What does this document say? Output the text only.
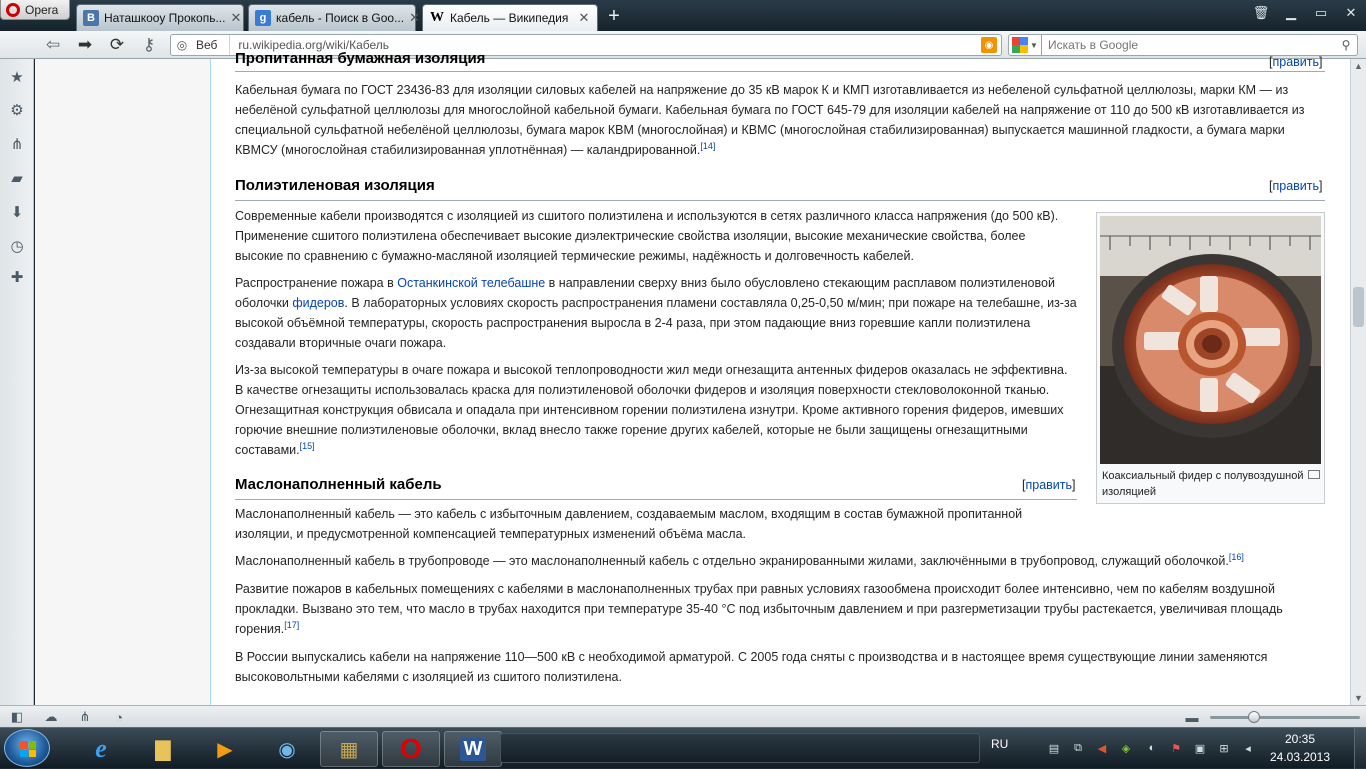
Opera
B Наташкооу Прокопь... ✕	g кабель - Поиск в Goo... ✕ W Кабель — Википедия ✕ +	🗑	▁	▭	✕
⇦ ➡ ⟳ ⚷	◎ Веб	ru.wikipedia.org/wiki/Кабель	◉	▼
Искать в Google	⚲
★
⚙
⋔
▰
⬇
◷
✚
Пропитанная бумажная изоляция	[править]
Кабельная бумага по ГОСТ 23436-83 для изоляции силовых кабелей на напряжение до 35 кВ марок К и КМП изготавливается из небеленой сульфатной целлюлозы, марки КМ — из небелёной сульфатной целлюлозы для многослойной кабельной бумаги. Кабельная бумага по ГОСТ 645-79 для изоляции кабелей на напряжение от 110 до 500 кВ изготавливается из специальной сульфатной небелёной целлюлозы, бумага марок КВМ (многослойная) и КВМС (многослойная стабилизированная) выпускается машинной гладкости, а бумага марки КВМСУ (многослойная стабилизированная уплотнённая) — каландрированной.[14]
Полиэтиленовая изоляция	[править]
Современные кабели производятся с изоляцией из сшитого полиэтилена и используются в сетях различного класса напряжения (до 500 кВ). Применение сшитого полиэтилена обеспечивает высокие диэлектрические свойства изоляции, высокие механические свойства, более высокие по сравнению с бумажно-масляной изоляцией термические режимы, надёжность и долговечность кабелей.
Распространение пожара в Останкинской телебашне в направлении сверху вниз было обусловлено стекающим расплавом полиэтиленовой оболочки фидеров. В лабораторных условиях скорость распространения пламени составляла 0,25-0,50 м/мин; при пожаре на телебашне, из-за высокой объёмной температуры, скорость распространения выросла в 2-4 раза, при этом падающие вниз горевшие капли полиэтилена создавали вторичные очаги пожара.
Из-за высокой температуры в очаге пожара и высокой теплопроводности жил меди огнезащита антенных фидеров оказалась не эффективна. В качестве огнезащиты использовалась краска для полиэтиленовой оболочки фидеров и изоляция поверхности стекловолоконной тканью. Огнезащитная конструкция обвисала и опадала при интенсивном горении полиэтилена изнутри. Кроме активного горения фидеров, имевших горючие внешние полиэтиленовые оболочки, вклад внесло также горение других кабелей, которые не были защищены огнезащитными составами.[15]
Коаксиальный фидер с полувоздушной изоляцией
Маслонаполненный кабель	[править]
Маслонаполненный кабель — это кабель с избыточным давлением, создаваемым маслом, входящим в состав бумажной пропитанной изоляции, и предусмотренной компенсацией температурных изменений объёма масла.
Маслонаполненный кабель в трубопроводе — это маслонаполненный кабель с отдельно экранированными жилами, заключёнными в трубопровод, служащий оболочкой.[16]
Развитие пожаров в кабельных помещениях с кабелями в маслонаполненных трубах при равных условиях газообмена происходит более интенсивно, чем по кабелям воздушной прокладки. Вызвано это тем, что масло в трубах находится при температуре 35-40 °С под избыточным давлением и при разгерметизации трубы растекается, увеличивая площадь горения.[17]
В России выпускались кабели на напряжение 110—500 кВ с необходимой арматурой. С 2005 года сняты с производства и в настоящее время существующие линии заменяются высоковольтными кабелями с изоляцией из сшитого полиэтилена.
▲
▼
◧ ☁ ⋔	◔	▬
e	▇	▶	◉	▦	O	W	RU	▤ ⧉ ◀ ◈	◐	⚑ ▣ ⊞	◂
20:35
24.03.2013
